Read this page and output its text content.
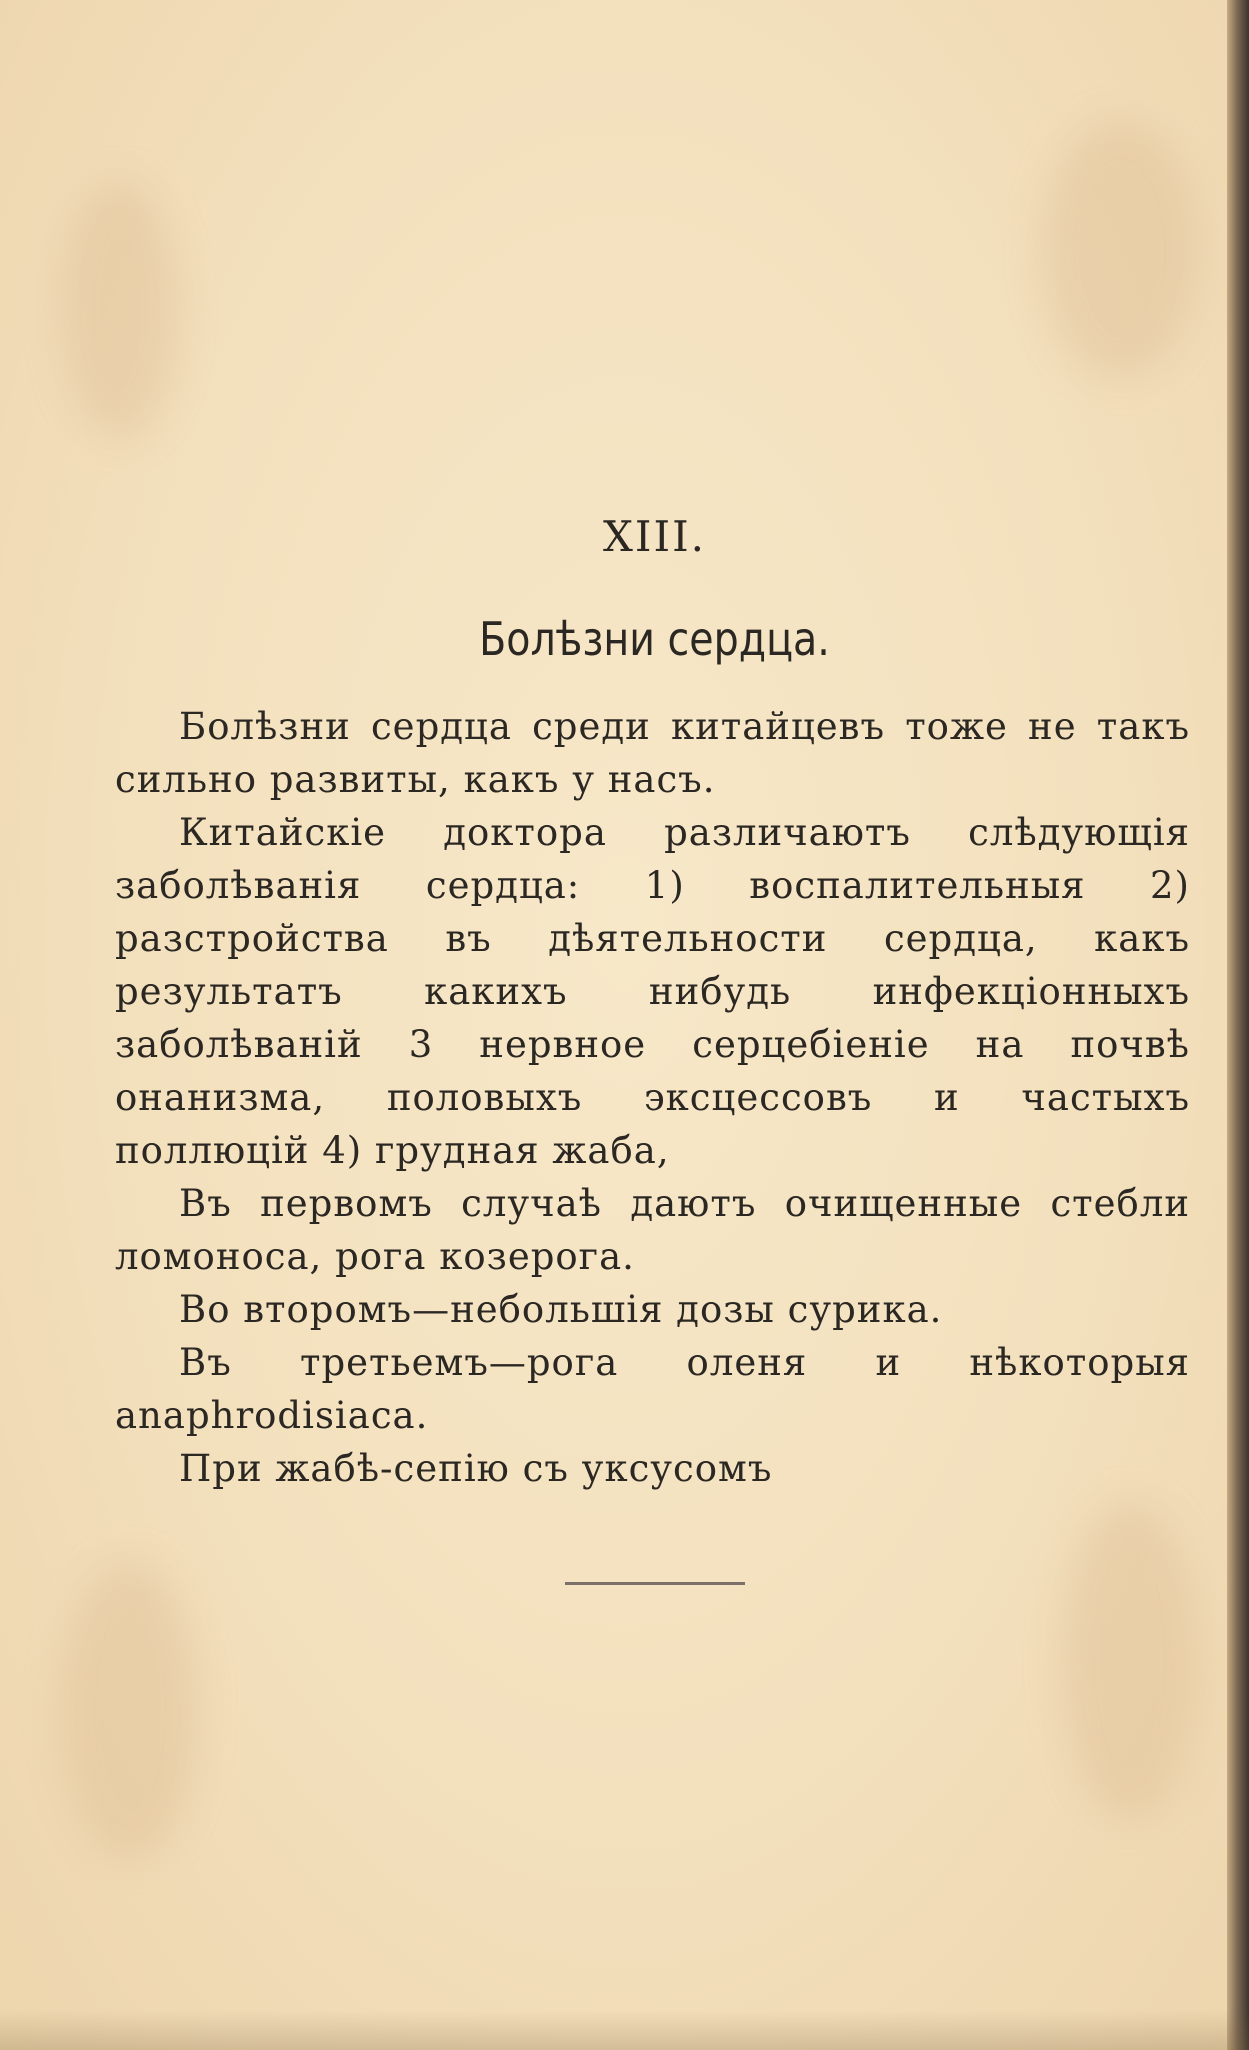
XIII.
Болѣзни сердца.

Болѣзни сердца среди китайцевъ тоже не такъ сильно развиты, какъ у насъ.

Китайскіе доктора различаютъ слѣдующія заболѣванія сердца: 1) воспалительныя 2) разстройства въ дѣятельности сердца, какъ результатъ какихъ нибудь инфекціонныхъ заболѣваній 3 нервное серцебіеніе на почвѣ онанизма, половыхъ эксцессовъ и частыхъ поллюцій 4) грудная жаба,

Въ первомъ случаѣ даютъ очищенные стебли ломоноса, рога козерога.

Во второмъ—небольшія дозы сурика.

Въ третьемъ—рога оленя и нѣкоторыя anaphrodisiaca.

При жабѣ-сепію съ уксусомъ
